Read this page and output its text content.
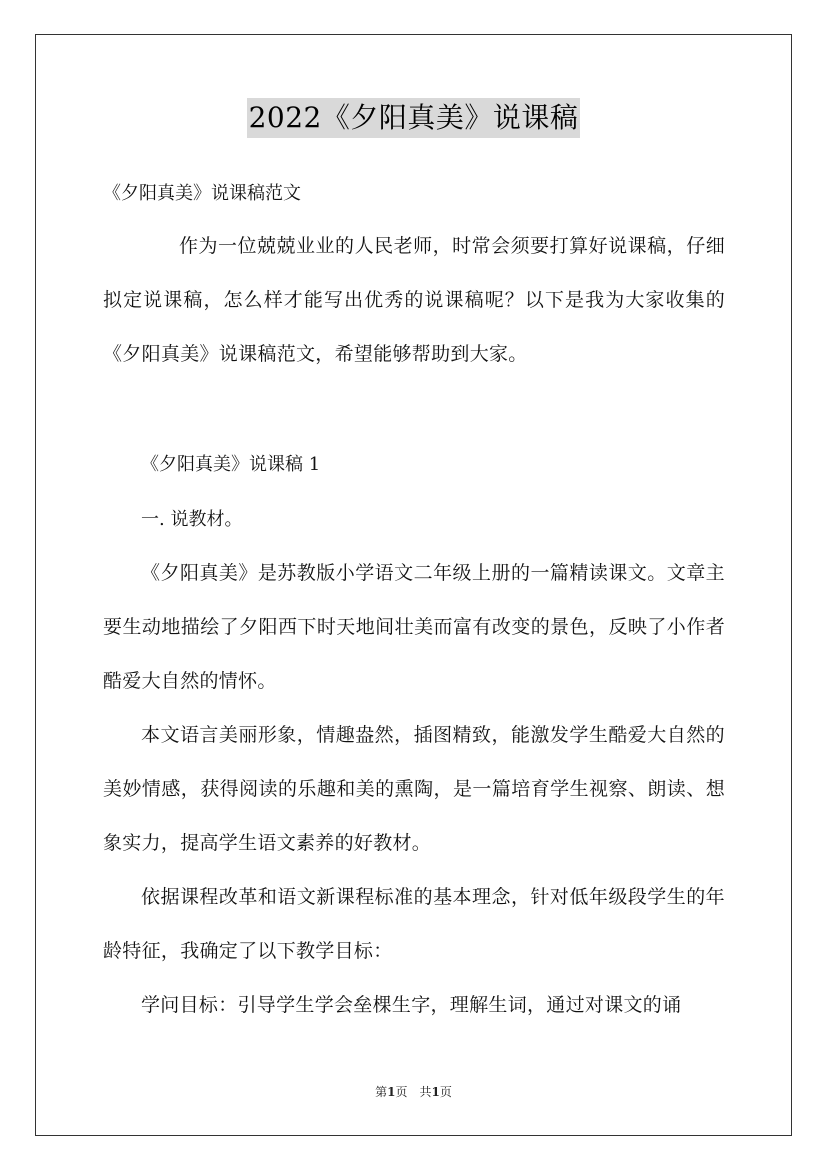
2022《夕阳真美》说课稿
《夕阳真美》说课稿范文
作为一位兢兢业业的人民老师，时常会须要打算好说课稿，仔细拟定说课稿，怎么样才能写出优秀的说课稿呢？以下是我为大家收集的《夕阳真美》说课稿范文，希望能够帮助到大家。
《夕阳真美》说课稿 1
一. 说教材。
《夕阳真美》是苏教版小学语文二年级上册的一篇精读课文。文章主要生动地描绘了夕阳西下时天地间壮美而富有改变的景色，反映了小作者酷爱大自然的情怀。
本文语言美丽形象，情趣盎然，插图精致，能激发学生酷爱大自然的美妙情感，获得阅读的乐趣和美的熏陶，是一篇培育学生视察、朗读、想象实力，提高学生语文素养的好教材。
依据课程改革和语文新课程标准的基本理念，针对低年级段学生的年龄特征，我确定了以下教学目标：
学问目标：引导学生学会垒棵生字，理解生词，通过对课文的诵
第1页　共1页
